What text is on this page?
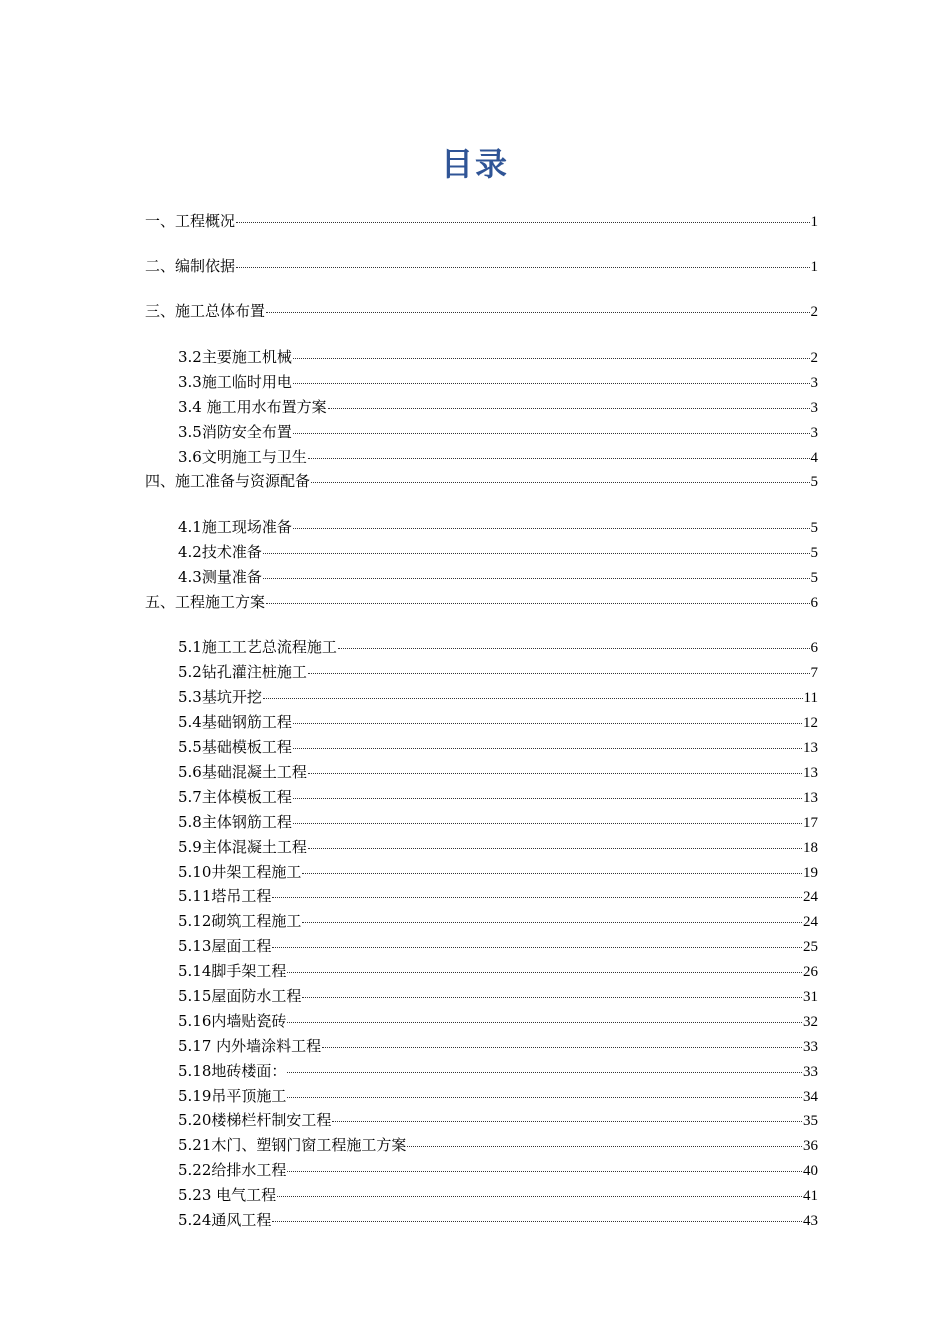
目录
一、工程概况	1
二、编制依据	1
三、施工总体布置	2
3.2主要施工机械	2
3.3施工临时用电	3
3.4 施工用水布置方案	3
3.5消防安全布置	3
3.6文明施工与卫生	4
四、施工准备与资源配备	5
4.1施工现场准备	5
4.2技术准备	5
4.3测量准备	5
五、工程施工方案	6
5.1施工工艺总流程施工	6
5.2钻孔灌注桩施工	7
5.3基坑开挖	11
5.4基础钢筋工程	12
5.5基础模板工程	13
5.6基础混凝土工程	13
5.7主体模板工程	13
5.8主体钢筋工程	17
5.9主体混凝土工程	18
5.10井架工程施工	19
5.11塔吊工程	24
5.12砌筑工程施工	24
5.13屋面工程	25
5.14脚手架工程	26
5.15屋面防水工程	31
5.16内墙贴瓷砖	32
5.17 内外墙涂料工程	33
5.18地砖楼面：	33
5.19吊平顶施工	34
5.20楼梯栏杆制安工程	35
5.21木门、塑钢门窗工程施工方案	36
5.22给排水工程	40
5.23 电气工程	41
5.24通风工程	43
